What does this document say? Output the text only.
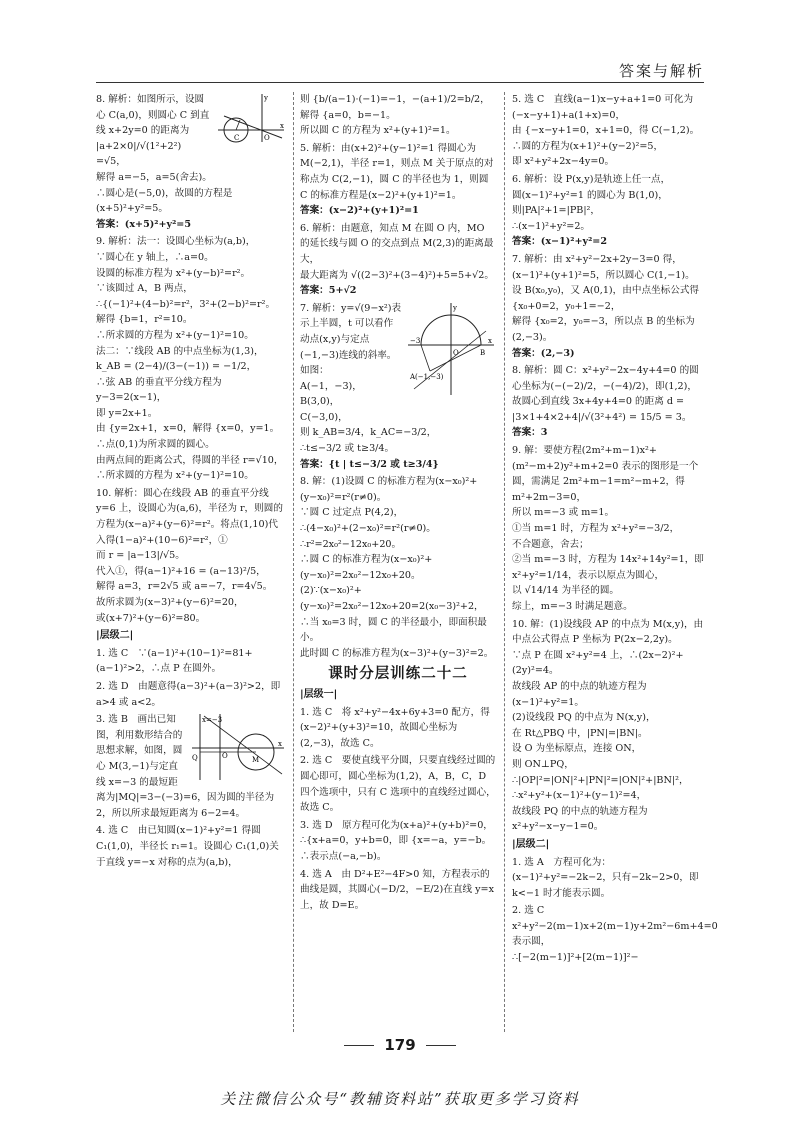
答案与解析
O
C
x
y

8. 解析：如图所示，设圆心 C(a,0)，则圆心 C 到直线 x+2y=0 的距离为 |a+2×0|/√(1²+2²) =√5，

解得 a=−5，a=5(舍去)。

∴圆心是(−5,0)，故圆的方程是(x+5)²+y²=5。

答案：(x+5)²+y²=5

9. 解析：法一：设圆心坐标为(a,b)，

∵圆心在 y 轴上，∴a=0。

设圆的标准方程为 x²+(y−b)²=r²。

∵该圆过 A，B 两点，

∴{(−1)²+(4−b)²=r²，3²+(2−b)²=r²。

解得 {b=1，r²=10。

∴所求圆的方程为 x²+(y−1)²=10。

法二：∵线段 AB 的中点坐标为(1,3)，k_AB = (2−4)/(3−(−1)) = −1/2，

∴弦 AB 的垂直平分线方程为 y−3=2(x−1)，

即 y=2x+1。

由 {y=2x+1，x=0，解得 {x=0，y=1。∴点(0,1)为所求圆的圆心。

由两点间的距离公式，得圆的半径 r=√10，

∴所求圆的方程为 x²+(y−1)²=10。

10. 解析：圆心在线段 AB 的垂直平分线 y=6 上，设圆心为(a,6)，半径为 r，则圆的方程为(x−a)²+(y−6)²=r²。将点(1,10)代入得(1−a)²+(10−6)²=r²，①

而 r = |a−13|/√5。

代入①，得(a−1)²+16 = (a−13)²/5，

解得 a=3，r=2√5 或 a=−7，r=4√5。

故所求圆为(x−3)²+(y−6)²=20，

或(x+7)²+(y−6)²=80。

|层级二|
1. 选 C　∵(a−1)²+(10−1)²=81+(a−1)²>2，∴点 P 在圆外。
2. 选 D　由题意得(a−3)²+(a−3)²>2，即 a>4 或 a<2。
x=−3
Q	M
O
x

3. 选 B　画出已知图，利用数形结合的思想求解，如图，圆心 M(3,−1)与定直线 x=−3 的最短距离为|MQ|=3−(−3)=6，因为圆的半径为 2，所以所求最短距离为 6−2=4。

4. 选 C　由已知圆(x−1)²+y²=1 得圆 C₁(1,0)，半径长 r₁=1。设圆心 C₁(1,0)关于直线 y=−x 对称的点为(a,b)，

则 {b/(a−1)·(−1)=−1，−(a+1)/2=b/2，

解得 {a=0，b=−1。

所以圆 C 的方程为 x²+(y+1)²=1。

5. 解析：由(x+2)²+(y−1)²=1 得圆心为 M(−2,1)，半径 r=1，则点 M 关于原点的对称点为 C(2,−1)，圆 C 的半径也为 1，则圆 C 的标准方程是(x−2)²+(y+1)²=1。

答案：(x−2)²+(y+1)²=1

6. 解析：由题意，知点 M 在圆 O 内，MO 的延长线与圆 O 的交点到点 M(2,3)的距离最大，

最大距离为 √((2−3)²+(3−4)²)+5=5+√2。

答案：5+√2

−3
B
A(−1,−3)
O
x
y

7. 解析：y=√(9−x²)表示上半圆，t 可以看作动点(x,y)与定点(−1,−3)连线的斜率。

如图：

A(−1，−3)，

B(3,0)，

C(−3,0)，

则 k_AB=3/4，k_AC=−3/2，

∴t≤−3/2 或 t≥3/4。

答案：{t | t≤−3/2 或 t≥3/4}

8. 解：(1)设圆 C 的标准方程为(x−x₀)²+(y−x₀)²=r²(r≠0)。

∵圆 C 过定点 P(4,2)，

∴(4−x₀)²+(2−x₀)²=r²(r≠0)。

∴r²=2x₀²−12x₀+20。

∴圆 C 的标准方程为(x−x₀)²+(y−x₀)²=2x₀²−12x₀+20。

(2)∵(x−x₀)²+(y−x₀)²=2x₀²−12x₀+20=2(x₀−3)²+2，

∴当 x₀=3 时，圆 C 的半径最小，即面积最小。

此时圆 C 的标准方程为(x−3)²+(y−3)²=2。

课时分层训练二十二
|层级一|
1. 选 C　将 x²+y²−4x+6y+3=0 配方，得(x−2)²+(y+3)²=10，故圆心坐标为(2,−3)，故选 C。
2. 选 C　要使直线平分圆，只要直线经过圆的圆心即可，圆心坐标为(1,2)，A，B，C，D 四个选项中，只有 C 选项中的直线经过圆心，故选 C。

3. 选 D　原方程可化为(x+a)²+(y+b)²=0，

∴{x+a=0，y+b=0，即 {x=−a，y=−b。

∴表示点(−a,−b)。

4. 选 A　由 D²+E²−4F>0 知，方程表示的曲线是圆，其圆心(−D/2，−E/2)在直线 y=x 上，故 D=E。

5. 选 C　直线(a−1)x−y+a+1=0 可化为(−x−y+1)+a(1+x)=0，

由 {−x−y+1=0，x+1=0，得 C(−1,2)。

∴圆的方程为(x+1)²+(y−2)²=5，

即 x²+y²+2x−4y=0。

6. 解析：设 P(x,y)是轨迹上任一点，

圆(x−1)²+y²=1 的圆心为 B(1,0)，

则|PA|²+1=|PB|²，

∴(x−1)²+y²=2。

答案：(x−1)²+y²=2

7. 解析：由 x²+y²−2x+2y−3=0 得，(x−1)²+(y+1)²=5，所以圆心 C(1,−1)。设 B(x₀,y₀)，又 A(0,1)，由中点坐标公式得 {x₀+0=2，y₀+1=−2，

解得 {x₀=2，y₀=−3，所以点 B 的坐标为(2,−3)。

答案：(2,−3)

8. 解析：圆 C：x²+y²−2x−4y+4=0 的圆心坐标为(−(−2)/2，−(−4)/2)，即(1,2)，

故圆心到直线 3x+4y+4=0 的距离 d = |3×1+4×2+4|/√(3²+4²) = 15/5 = 3。

答案：3

9. 解：要使方程(2m²+m−1)x²+(m²−m+2)y²+m+2=0 表示的图形是一个圆，需满足 2m²+m−1=m²−m+2，得 m²+2m−3=0，

所以 m=−3 或 m=1。

①当 m=1 时，方程为 x²+y²=−3/2，

不合题意，舍去；

②当 m=−3 时，方程为 14x²+14y²=1，即 x²+y²=1/14，表示以原点为圆心，

以 √14/14 为半径的圆。

综上，m=−3 时满足题意。

10. 解：(1)设线段 AP 的中点为 M(x,y)，由中点公式得点 P 坐标为 P(2x−2,2y)。

∵点 P 在圆 x²+y²=4 上，∴(2x−2)²+(2y)²=4。

故线段 AP 的中点的轨迹方程为(x−1)²+y²=1。

(2)设线段 PQ 的中点为 N(x,y)，

在 Rt△PBQ 中，|PN|=|BN|。

设 O 为坐标原点，连接 ON，

则 ON⊥PQ，

∴|OP|²=|ON|²+|PN|²=|ON|²+|BN|²，

∴x²+y²+(x−1)²+(y−1)²=4，

故线段 PQ 的中点的轨迹方程为 x²+y²−x−y−1=0。

|层级二|
1. 选 A　方程可化为：(x−1)²+y²=−2k−2，只有−2k−2>0，即 k<−1 时才能表示圆。

2. 选 C　x²+y²−2(m−1)x+2(m−1)y+2m²−6m+4=0 表示圆，

∴[−2(m−1)]²+[2(m−1)]²−

179
关注微信公众号“教辅资料站”获取更多学习资料
